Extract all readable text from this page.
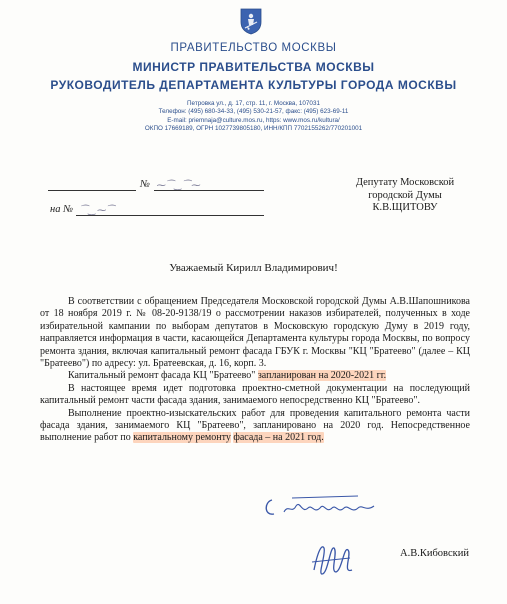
ПРАВИТЕЛЬСТВО МОСКВЫ
МИНИСТР ПРАВИТЕЛЬСТВА МОСКВЫ
РУКОВОДИТЕЛЬ ДЕПАРТАМЕНТА КУЛЬТУРЫ ГОРОДА МОСКВЫ
Петровка ул., д. 17, стр. 11, г. Москва, 107031
Телефон: (495) 680-34-33, (495) 530-21-57, факс: (495) 623-69-11
E-mail: priemnaja@culture.mos.ru, https: www.mos.ru/kultura/
ОКПО 17669189, ОГРН 1027739805180, ИНН/КПП 7702155262/770201001
№ ⁓⁀‿⁀⁓
на № ⁀‿⁓⁀
Депутату Московской
городской Думы
К.В.ЩИТОВУ
Уважаемый Кирилл Владимирович!

В соответствии с обращением Председателя Московской городской Думы А.В.Шапошникова от 18 ноября 2019 г. № 08-20-9138/19 о рассмотрении наказов избирателей, полученных в ходе избирательной кампании по выборам депутатов в Московскую городскую Думу в 2019 году, направляется информация в части, касающейся Департамента культуры города Москвы, по вопросу ремонта здания, включая капитальный ремонт фасада ГБУК г. Москвы "КЦ "Братеево" (далее – КЦ "Братеево") по адресу: ул. Братеевская, д. 16, корп. 3.

Капитальный ремонт фасада КЦ "Братеево" запланирован на 2020-2021 гг.

В настоящее время идет подготовка проектно-сметной документации на последующий капитальный ремонт части фасада здания, занимаемого непосредственно КЦ "Братеево".

Выполнение проектно-изыскательских работ для проведения капитального ремонта части фасада здания, занимаемого КЦ "Братеево", запланировано на 2020 год. Непосредственное выполнение работ по капитальному ремонту фасада – на 2021 год.

А.В.Кибовский
